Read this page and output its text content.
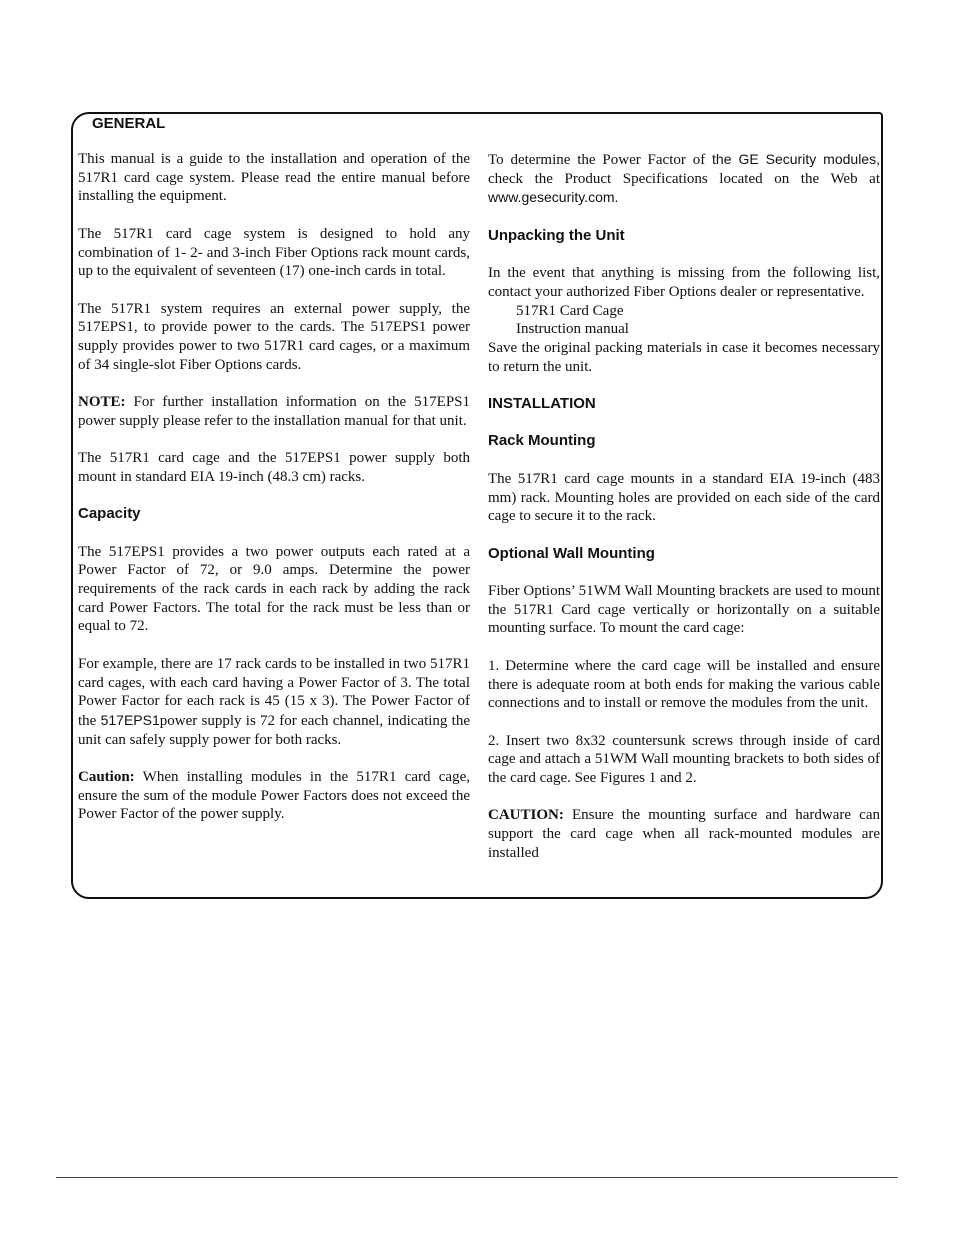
GENERAL

This manual is a guide to the installation and operation of the 517R1 card cage system. Please read the entire manual before installing the equipment.

The 517R1 card cage system is designed to hold any combination of 1- 2- and 3-inch Fiber Options rack mount cards, up to the equivalent of seventeen (17) one-inch cards in total.

The 517R1 system requires an external power supply, the 517EPS1, to provide power to the cards. The 517EPS1 power supply provides power to two 517R1 card cages, or a maximum of 34 single-slot Fiber Options cards.

NOTE: For further installation information on the 517EPS1 power supply please refer to the installation manual for that unit.

The 517R1 card cage and the 517EPS1 power supply both mount in standard EIA 19-inch (48.3 cm) racks.

Capacity

The 517EPS1 provides a two power outputs each rated at a Power Factor of 72, or 9.0 amps. Determine the power requirements of the rack cards in each rack by adding the rack card Power Factors. The total for the rack must be less than or equal to 72.

For example, there are 17 rack cards to be installed in two 517R1 card cages, with each card having a Power Factor of 3. The total Power Factor for each rack is 45 (15 x 3). The Power Factor of the 517EPS1power supply is 72 for each channel, indicating the unit can safely supply power for both racks.

Caution: When installing modules in the 517R1 card cage, ensure the sum of the module Power Factors does not exceed the Power Factor of the power supply.

To determine the Power Factor of the GE Security modules, check the Product Specifications located on the Web at www.gesecurity.com.

Unpacking the Unit

In the event that anything is missing from the following list, contact your authorized Fiber Options dealer or representative.

517R1 Card Cage

Instruction manual

Save the original packing materials in case it becomes necessary to return the unit.

INSTALLATION
Rack Mounting

The 517R1 card cage mounts in a standard EIA 19-inch (483 mm) rack. Mounting holes are provided on each side of the card cage to secure it to the rack.

Optional Wall Mounting

Fiber Options’ 51WM Wall Mounting brackets are used to mount the 517R1 Card cage vertically or horizontally on a suitable mounting surface. To mount the card cage:

1. Determine where the card cage will be installed and ensure there is adequate room at both ends for making the various cable connections and to install or remove the modules from the unit.

2. Insert two 8x32 countersunk screws through inside of card cage and attach a 51WM Wall mounting brackets to both sides of the card cage. See Figures 1 and 2.

CAUTION: Ensure the mounting surface and hardware can support the card cage when all rack-mounted modules are installed
